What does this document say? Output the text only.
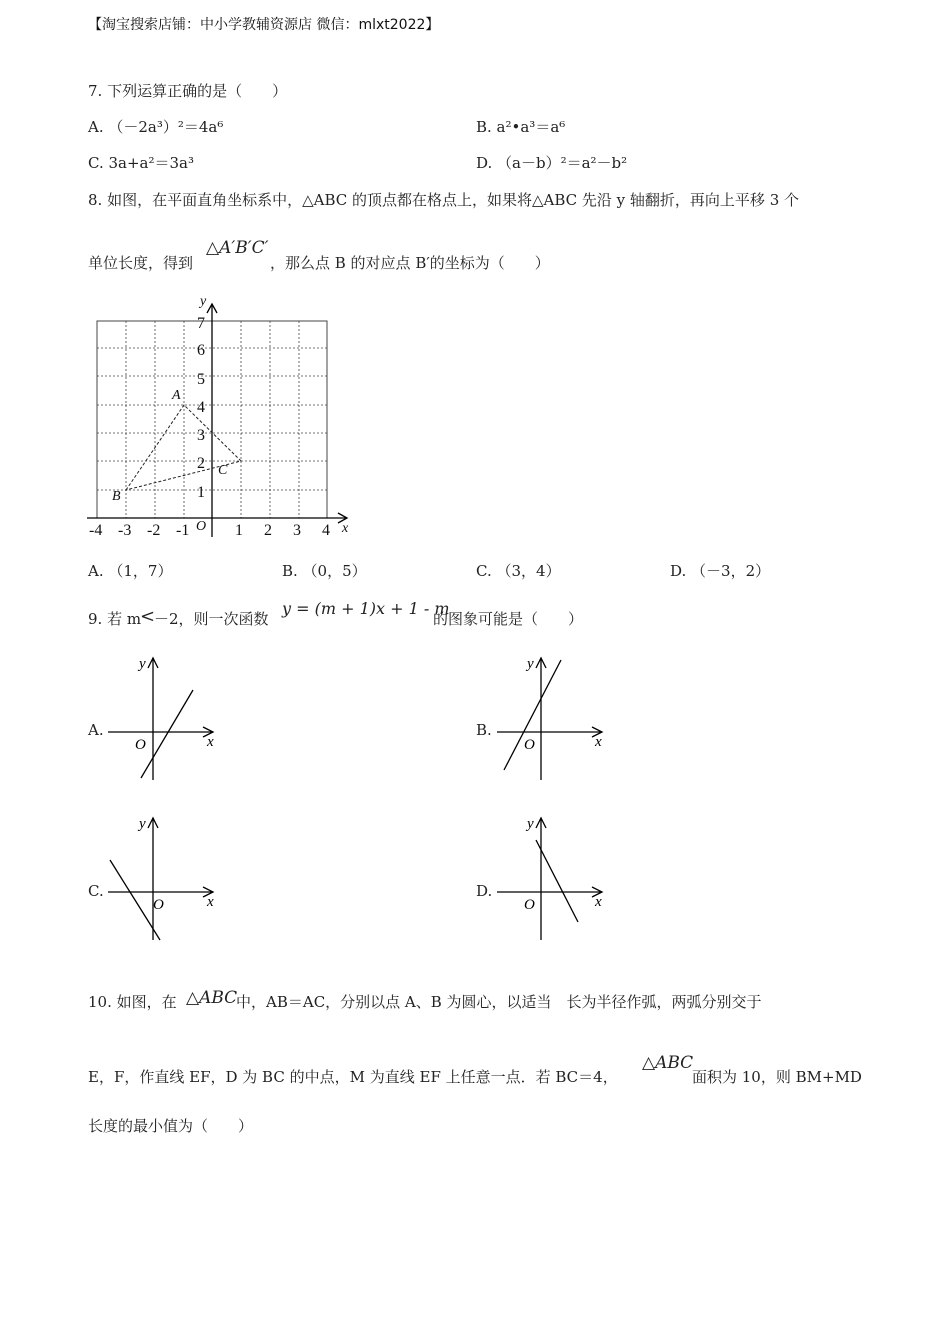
【淘宝搜索店铺：中小学教辅资源店 微信：mlxt2022】
7. 下列运算正确的是（　　）
A. （－2a³）²＝4a⁶	B. a²•a³＝a⁶
C. 3a+a²＝3a³	D. （a－b）²＝a²－b²
8. 如图，在平面直角坐标系中，△ABC 的顶点都在格点上，如果将△ABC 先沿 y 轴翻折，再向上平移 3 个
单位长度，得到
△A′B′C′
，那么点 B 的对应点 B′的坐标为（　　）
-4 -3 -2 -1	1 2 3 4
1
2
3
4
5
6
7
x
y
O
A
B
C
A. （1，7）	B. （0，5）	C. （3，4）	D. （－3，2）
9. 若 m
<
－2，则一次函数
y = (m + 1)x + 1 - m
的图象可能是（　　）
A.
y
x
O
B.
y
x
O
C.
y
x
O
D.
y
x
O
10. 如图，在 △ABC
中，AB＝AC，分别以点 A、B 为圆心，以适当　长为半径作弧，两弧分别交于
E，F，作直线 EF，D 为 BC 的中点，M 为直线 EF 上任意一点．若 BC＝4，
△ABC
面积为 10，则 BM+MD
长度的最小值为（　　）
